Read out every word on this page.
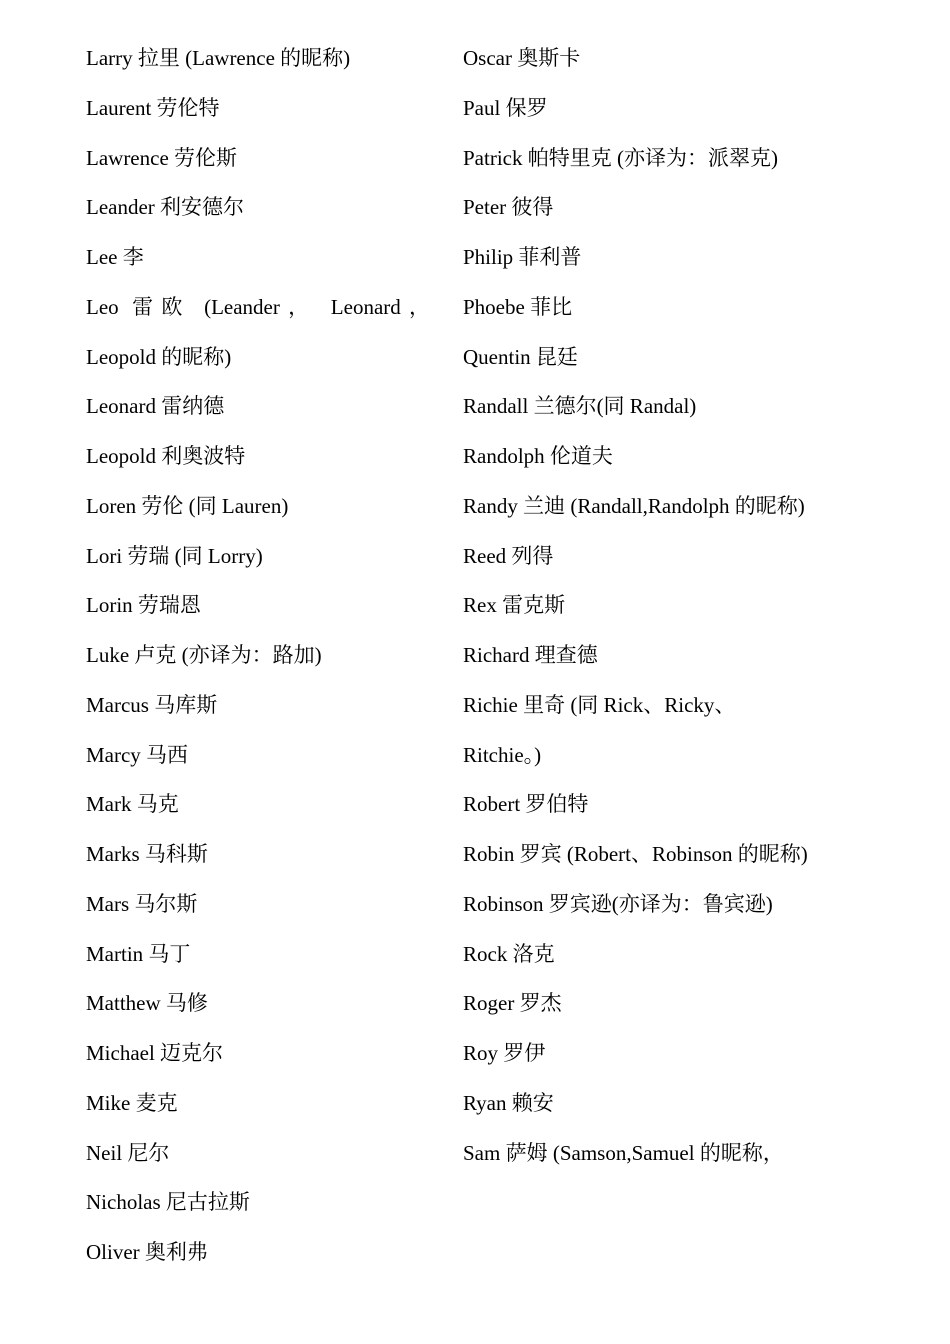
Larry 拉里 (Lawrence 的昵称)
Laurent 劳伦特
Lawrence 劳伦斯
Leander 利安德尔
Lee 李
Leo 雷欧 (Leander， Leonard， Leopold 的昵称)
Leonard 雷纳德
Leopold 利奥波特
Loren 劳伦 (同 Lauren)
Lori 劳瑞 (同 Lorry)
Lorin 劳瑞恩
Luke 卢克 (亦译为：路加)
Marcus 马库斯
Marcy 马西
Mark 马克
Marks 马科斯
Mars 马尔斯
Martin 马丁
Matthew 马修
Michael 迈克尔
Mike 麦克
Neil 尼尔
Nicholas 尼古拉斯
Oliver 奥利弗
Oscar 奥斯卡
Paul 保罗
Patrick 帕特里克 (亦译为：派翠克)
Peter 彼得
Philip 菲利普
Phoebe 菲比
Quentin 昆廷
Randall 兰德尔(同 Randal)
Randolph 伦道夫
Randy 兰迪 (Randall,Randolph 的昵称)
Reed 列得
Rex 雷克斯
Richard 理查德
Richie 里奇 (同 Rick、Ricky、Ritchie。)
Robert 罗伯特
Robin 罗宾 (Robert、Robinson 的昵称)
Robinson 罗宾逊(亦译为：鲁宾逊)
Rock 洛克
Roger 罗杰
Roy 罗伊
Ryan 赖安
Sam 萨姆 (Samson,Samuel 的昵称，
